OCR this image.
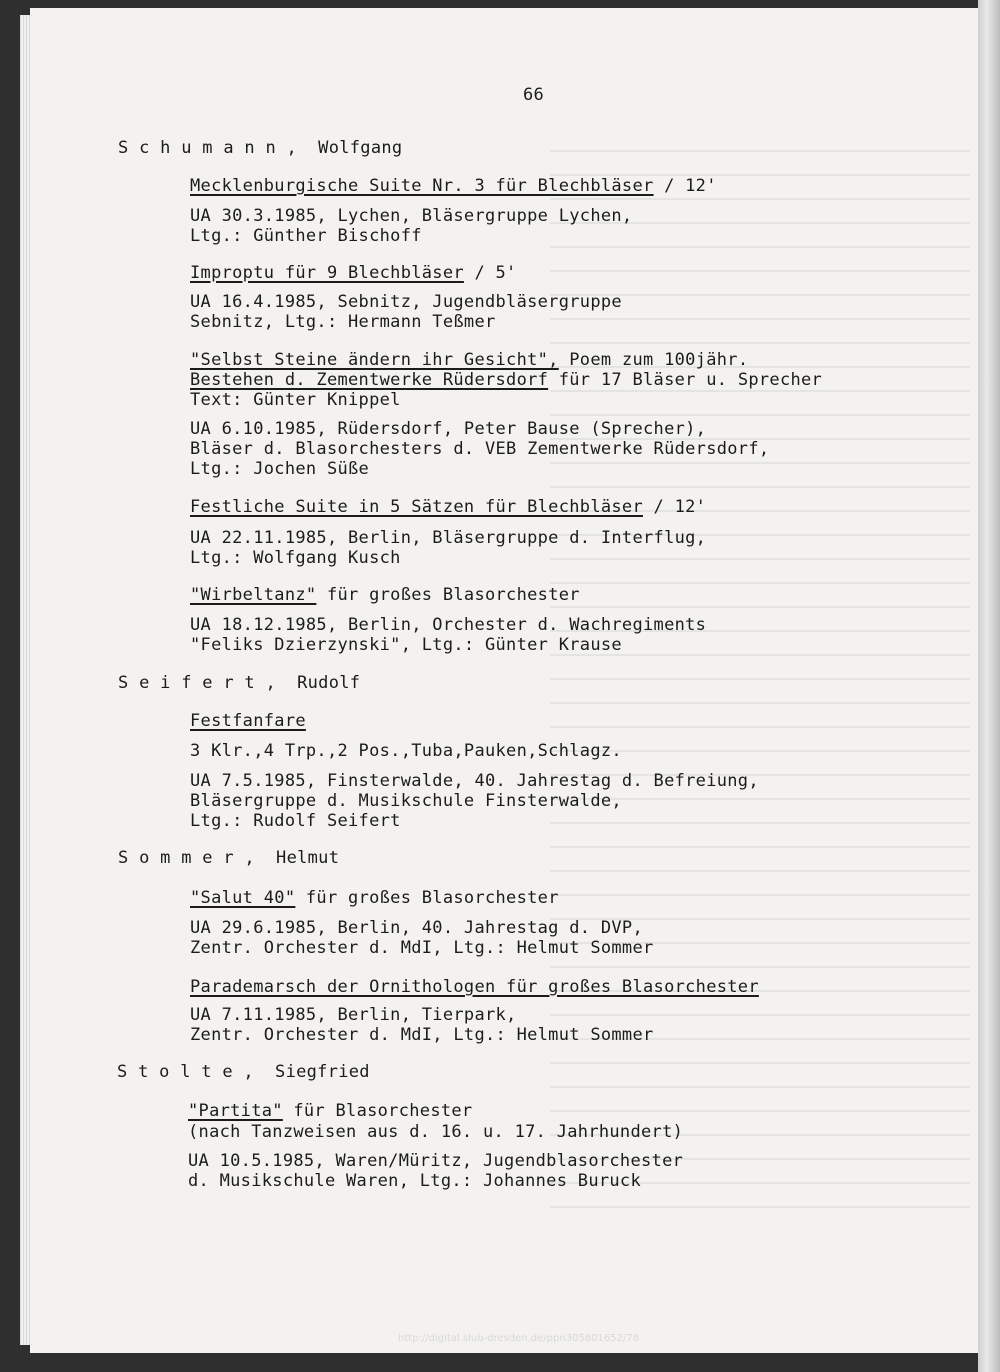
66
S c h u m a n n , Wolfgang
Mecklenburgische Suite Nr. 3 für Blechbläser / 12'
UA 30.3.1985, Lychen, Bläsergruppe Lychen,
Ltg.: Günther Bischoff
Improptu für 9 Blechbläser / 5'
UA 16.4.1985, Sebnitz, Jugendbläsergruppe
Sebnitz, Ltg.: Hermann Teßmer
"Selbst Steine ändern ihr Gesicht", Poem zum 100jähr.
Bestehen d. Zementwerke Rüdersdorf für 17 Bläser u. Sprecher
Text: Günter Knippel
UA 6.10.1985, Rüdersdorf, Peter Bause (Sprecher),
Bläser d. Blasorchesters d. VEB Zementwerke Rüdersdorf,
Ltg.: Jochen Süße
Festliche Suite in 5 Sätzen für Blechbläser / 12'
UA 22.11.1985, Berlin, Bläsergruppe d. Interflug,
Ltg.: Wolfgang Kusch
"Wirbeltanz" für großes Blasorchester
UA 18.12.1985, Berlin, Orchester d. Wachregiments
"Feliks Dzierzynski", Ltg.: Günter Krause
S e i f e r t , Rudolf
Festfanfare
3 Klr.,4 Trp.,2 Pos.,Tuba,Pauken,Schlagz.
UA 7.5.1985, Finsterwalde, 40. Jahrestag d. Befreiung,
Bläsergruppe d. Musikschule Finsterwalde,
Ltg.: Rudolf Seifert
S o m m e r , Helmut
"Salut 40" für großes Blasorchester
UA 29.6.1985, Berlin, 40. Jahrestag d. DVP,
Zentr. Orchester d. MdI, Ltg.: Helmut Sommer
Parademarsch der Ornithologen für großes Blasorchester
UA 7.11.1985, Berlin, Tierpark,
Zentr. Orchester d. MdI, Ltg.: Helmut Sommer
S t o l t e , Siegfried
"Partita" für Blasorchester
(nach Tanzweisen aus d. 16. u. 17. Jahrhundert)
UA 10.5.1985, Waren/Müritz, Jugendblasorchester
d. Musikschule Waren, Ltg.: Johannes Buruck
http://digital.slub-dresden.de/ppn305801652/78
